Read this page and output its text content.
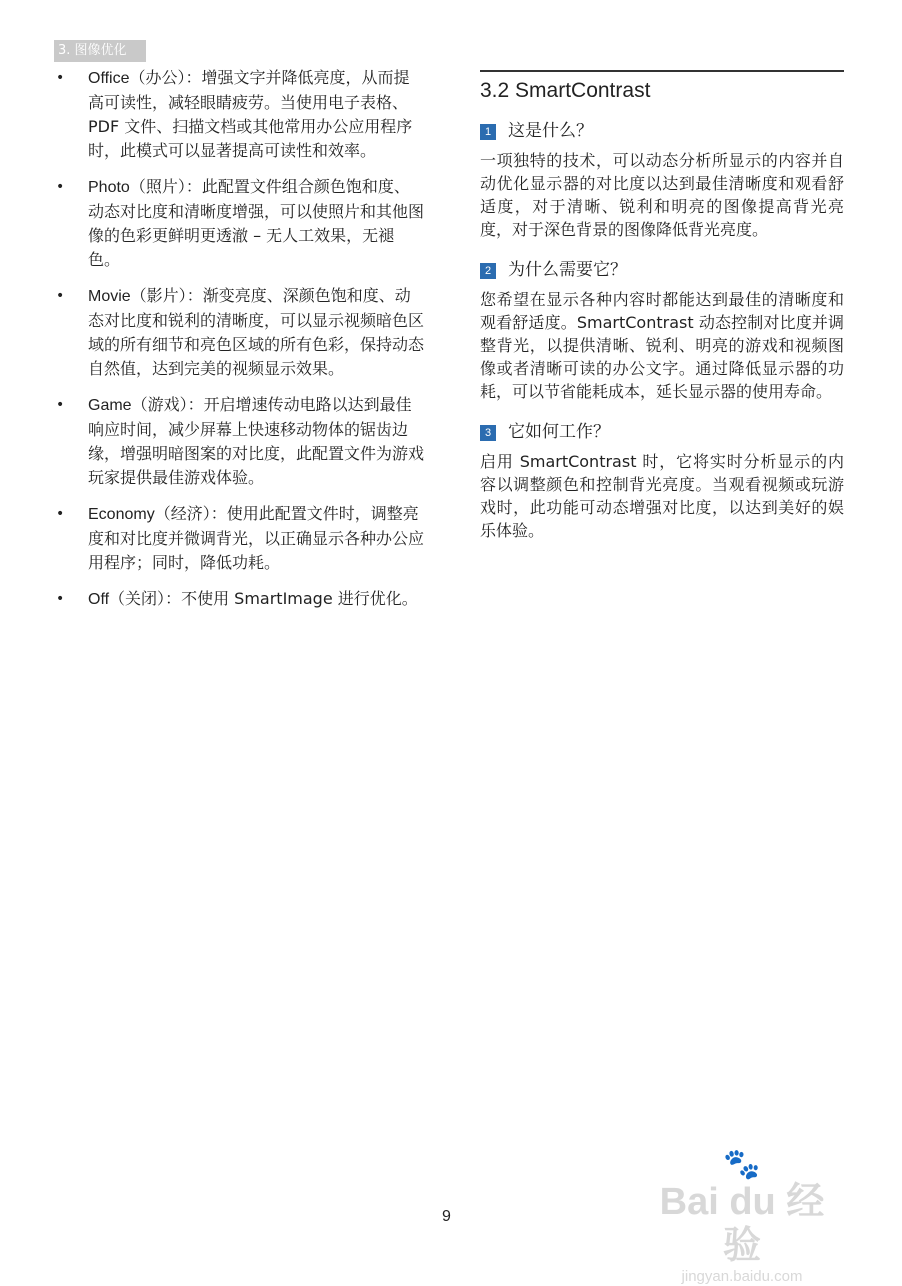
3. 图像优化
• Office（办公）：增强文字并降低亮度，从而提高可读性，减轻眼睛疲劳。当使用电子表格、PDF 文件、扫描文档或其他常用办公应用程序时，此模式可以显著提高可读性和效率。
• Photo（照片）：此配置文件组合颜色饱和度、动态对比度和清晰度增强，可以使照片和其他图像的色彩更鲜明更透澈 – 无人工效果，无褪色。
• Movie（影片）：渐变亮度、深颜色饱和度、动态对比度和锐利的清晰度，可以显示视频暗色区域的所有细节和亮色区域的所有色彩，保持动态自然值，达到完美的视频显示效果。
• Game（游戏）：开启增速传动电路以达到最佳响应时间，减少屏幕上快速移动物体的锯齿边缘，增强明暗图案的对比度，此配置文件为游戏玩家提供最佳游戏体验。
• Economy（经济）：使用此配置文件时，调整亮度和对比度并微调背光，以正确显示各种办公应用程序；同时，降低功耗。
• Off（关闭）：不使用 SmartImage 进行优化。
3.2 SmartContrast
1 这是什么？

一项独特的技术，可以动态分析所显示的内容并自动优化显示器的对比度以达到最佳清晰度和观看舒适度，对于清晰、锐利和明亮的图像提高背光亮度，对于深色背景的图像降低背光亮度。

2 为什么需要它？

您希望在显示各种内容时都能达到最佳的清晰度和观看舒适度。SmartContrast 动态控制对比度并调整背光，以提供清晰、锐利、明亮的游戏和视频图像或者清晰可读的办公文字。通过降低显示器的功耗，可以节省能耗成本，延长显示器的使用寿命。

3 它如何工作？

启用 SmartContrast 时，它将实时分析显示的内容以调整颜色和控制背光亮度。当观看视频或玩游戏时，此功能可动态增强对比度，以达到美好的娱乐体验。

🐾
Bai du 经验
jingyan.baidu.com
9
